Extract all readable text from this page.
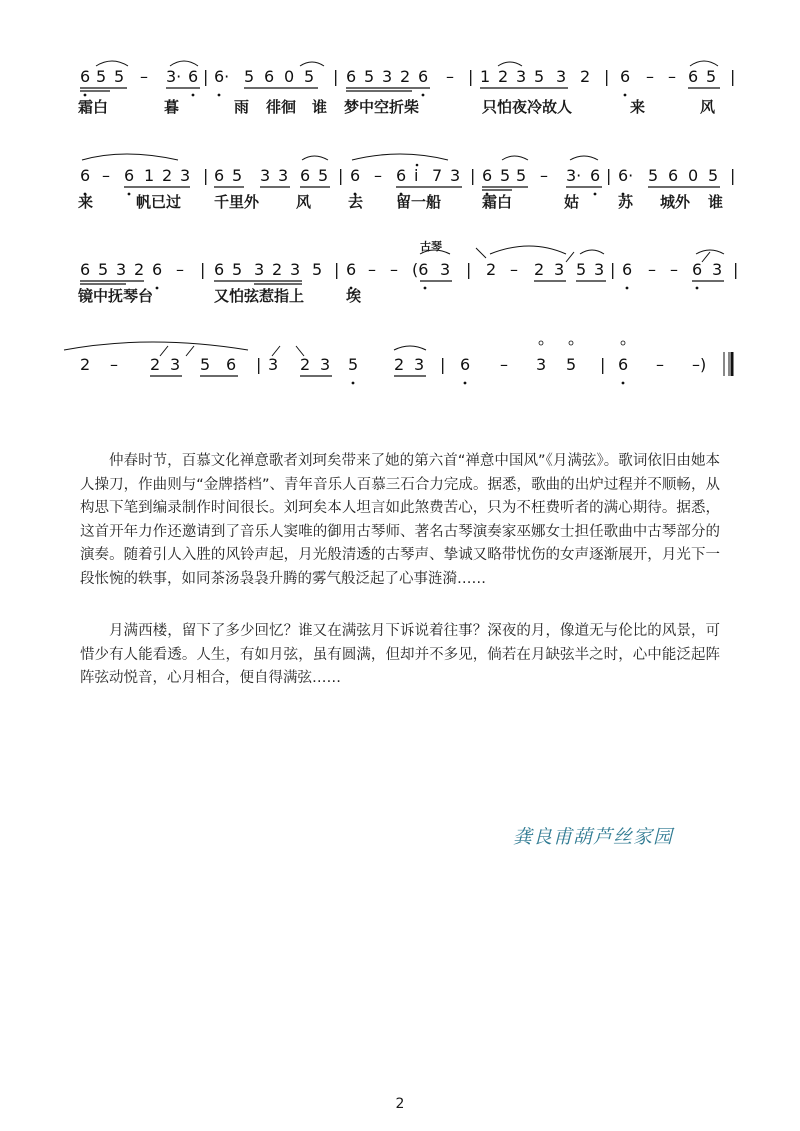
6 5 5 – 3· 6 | 6· 5 6 0 5 | 6 5 3 2 6 – | 1 2 3 5 3 2 | 6 – – 6 5 |
6 – 6 1 2 3 | 6 5 3 3 6 5 | 6 – 6 i 7 3 | 6 5 5 – 3· 6 | 6· 5 6 0 5 |
6 5 3 2 6 – | 6 5 3 2 3 5 | 6 – – (6 3 | 2 – 2 3 5 3 | 6 – – 6 3 |
2 – 2 3 5 6 | 3 2 3 5 2 3 | 6 – 3 5 | 6 – –)
霜白	暮	雨 徘徊 谁 梦中空折柴	只怕夜冷故人	来	风
来	帆已过 千里外 风 去 留一船	霜白	姑	苏 城外 谁
镜中抚琴台	又怕弦惹指上	埃
古琴
仲春时节，百慕文化禅意歌者刘珂矣带来了她的第六首“禅意中国风”《月满弦》。歌词依旧由她本人操刀，作曲则与“金牌搭档”、青年音乐人百慕三石合力完成。据悉，歌曲的出炉过程并不顺畅，从构思下笔到编录制作时间很长。刘珂矣本人坦言如此煞费苦心，只为不枉费听者的满心期待。据悉，这首开年力作还邀请到了音乐人窦唯的御用古琴师、著名古琴演奏家巫娜女士担任歌曲中古琴部分的演奏。随着引人入胜的风铃声起，月光般清透的古琴声、挚诚又略带忧伤的女声逐渐展开，月光下一段怅惋的轶事，如同茶汤袅袅升腾的雾气般泛起了心事涟漪……
月满西楼，留下了多少回忆？谁又在满弦月下诉说着往事？深夜的月，像道无与伦比的风景，可惜少有人能看透。人生，有如月弦，虽有圆满，但却并不多见，倘若在月缺弦半之时，心中能泛起阵阵弦动悦音，心月相合，便自得满弦……
龚良甫葫芦丝家园
2
